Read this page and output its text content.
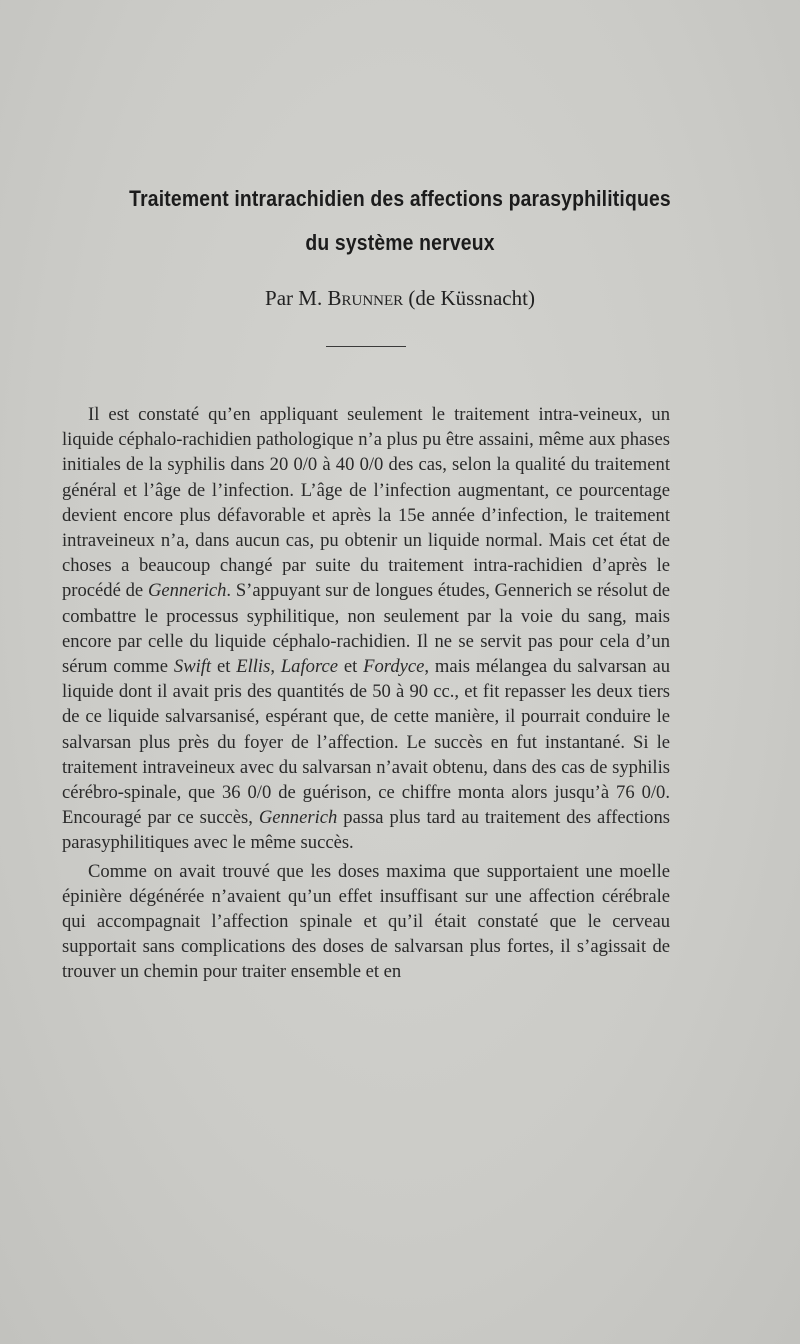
Traitement intrarachidien des affections parasyphilitiques
du système nerveux

Par M. Brunner (de Küssnacht)

Il est constaté qu’en appliquant seulement le traitement intra-veineux, un liquide céphalo-rachidien pathologique n’a plus pu être assaini, même aux phases initiales de la syphilis dans 20 0/0 à 40 0/0 des cas, selon la qualité du traitement général et l’âge de l’infection. L’âge de l’infection augmentant, ce pourcentage devient encore plus défavorable et après la 15e année d’infection, le traitement intraveineux n’a, dans aucun cas, pu obtenir un liquide normal. Mais cet état de choses a beaucoup changé par suite du traitement intra-rachidien d’après le procédé de Gennerich. S’appuyant sur de longues études, Gennerich se résolut de combattre le processus syphilitique, non seulement par la voie du sang, mais encore par celle du liquide céphalo-rachidien. Il ne se servit pas pour cela d’un sérum comme Swift et Ellis, Laforce et Fordyce, mais mélangea du salvarsan au liquide dont il avait pris des quantités de 50 à 90 cc., et fit repasser les deux tiers de ce liquide salvarsanisé, espérant que, de cette manière, il pourrait conduire le salvarsan plus près du foyer de l’affection. Le succès en fut instantané. Si le traitement intraveineux avec du salvarsan n’avait obtenu, dans des cas de syphilis cérébro-spinale, que 36 0/0 de guérison, ce chiffre monta alors jusqu’à 76 0/0. Encouragé par ce succès, Gennerich passa plus tard au traitement des affections parasyphilitiques avec le même succès.

Comme on avait trouvé que les doses maxima que supportaient une moelle épinière dégénérée n’avaient qu’un effet insuffisant sur une affection cérébrale qui accompagnait l’affection spinale et qu’il était constaté que le cerveau supportait sans complications des doses de salvarsan plus fortes, il s’agissait de trouver un chemin pour traiter ensemble et en
